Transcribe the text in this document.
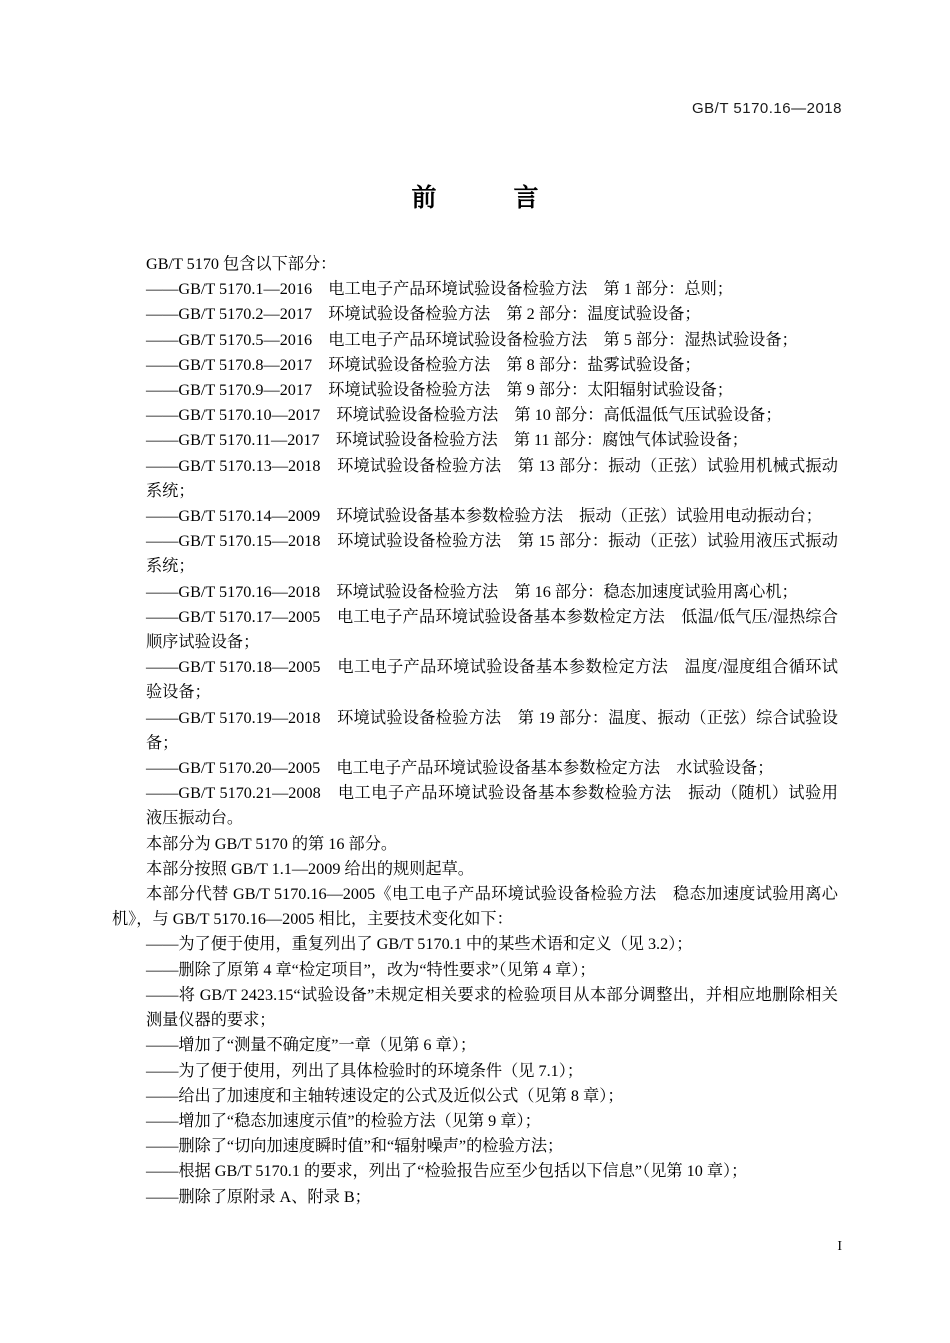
GB/T 5170.16—2018
前　言

GB/T 5170 包含以下部分：

——GB/T 5170.1—2016　电工电子产品环境试验设备检验方法　第 1 部分：总则；

——GB/T 5170.2—2017　环境试验设备检验方法　第 2 部分：温度试验设备；

——GB/T 5170.5—2016　电工电子产品环境试验设备检验方法　第 5 部分：湿热试验设备；

——GB/T 5170.8—2017　环境试验设备检验方法　第 8 部分：盐雾试验设备；

——GB/T 5170.9—2017　环境试验设备检验方法　第 9 部分：太阳辐射试验设备；

——GB/T 5170.10—2017　环境试验设备检验方法　第 10 部分：高低温低气压试验设备；

——GB/T 5170.11—2017　环境试验设备检验方法　第 11 部分：腐蚀气体试验设备；

——GB/T 5170.13—2018　环境试验设备检验方法　第 13 部分：振动（正弦）试验用机械式振动系统；

——GB/T 5170.14—2009　环境试验设备基本参数检验方法　振动（正弦）试验用电动振动台；

——GB/T 5170.15—2018　环境试验设备检验方法　第 15 部分：振动（正弦）试验用液压式振动系统；

——GB/T 5170.16—2018　环境试验设备检验方法　第 16 部分：稳态加速度试验用离心机；

——GB/T 5170.17—2005　电工电子产品环境试验设备基本参数检定方法　低温/低气压/湿热综合顺序试验设备；

——GB/T 5170.18—2005　电工电子产品环境试验设备基本参数检定方法　温度/湿度组合循环试验设备；

——GB/T 5170.19—2018　环境试验设备检验方法　第 19 部分：温度、振动（正弦）综合试验设备；

——GB/T 5170.20—2005　电工电子产品环境试验设备基本参数检定方法　水试验设备；

——GB/T 5170.21—2008　电工电子产品环境试验设备基本参数检验方法　振动（随机）试验用液压振动台。

本部分为 GB/T 5170 的第 16 部分。

本部分按照 GB/T 1.1—2009 给出的规则起草。

本部分代替 GB/T 5170.16—2005《电工电子产品环境试验设备检验方法　稳态加速度试验用离心机》，与 GB/T 5170.16—2005 相比，主要技术变化如下：

——为了便于使用，重复列出了 GB/T 5170.1 中的某些术语和定义（见 3.2）；

——删除了原第 4 章“检定项目”，改为“特性要求”（见第 4 章）；

——将 GB/T 2423.15“试验设备”未规定相关要求的检验项目从本部分调整出，并相应地删除相关测量仪器的要求；

——增加了“测量不确定度”一章（见第 6 章）；

——为了便于使用，列出了具体检验时的环境条件（见 7.1）；

——给出了加速度和主轴转速设定的公式及近似公式（见第 8 章）；

——增加了“稳态加速度示值”的检验方法（见第 9 章）；

——删除了“切向加速度瞬时值”和“辐射噪声”的检验方法；

——根据 GB/T 5170.1 的要求，列出了“检验报告应至少包括以下信息”（见第 10 章）；

——删除了原附录 A、附录 B；

I
